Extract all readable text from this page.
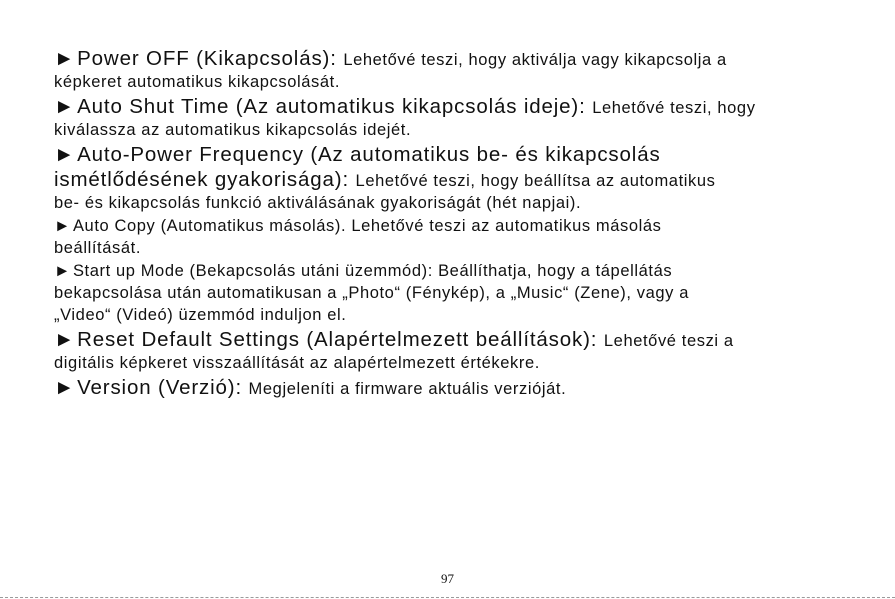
►Power OFF (Kikapcsolás): Lehetővé teszi, hogy aktiválja vagy kikapcsolja a
képkeret automatikus kikapcsolását.
►Auto Shut Time (Az automatikus kikapcsolás ideje): Lehetővé teszi, hogy
kiválassza az automatikus kikapcsolás idejét.
►Auto-Power Frequency (Az automatikus be- és kikapcsolás
ismétlődésének gyakorisága): Lehetővé teszi, hogy beállítsa az automatikus
be- és kikapcsolás funkció aktiválásának gyakoriságát (hét napjai).
► Auto Copy (Automatikus másolás). Lehetővé teszi az automatikus másolás
beállítását.
► Start up Mode (Bekapcsolás utáni üzemmód): Beállíthatja, hogy a tápellátás
bekapcsolása után automatikusan a „Photo“ (Fénykép), a „Music“ (Zene), vagy a
„Video“ (Videó) üzemmód induljon el.
►Reset Default Settings (Alapértelmezett beállítások): Lehetővé teszi a
digitális képkeret visszaállítását az alapértelmezett értékekre.
►Version (Verzió): Megjeleníti a firmware aktuális verzióját.
97
